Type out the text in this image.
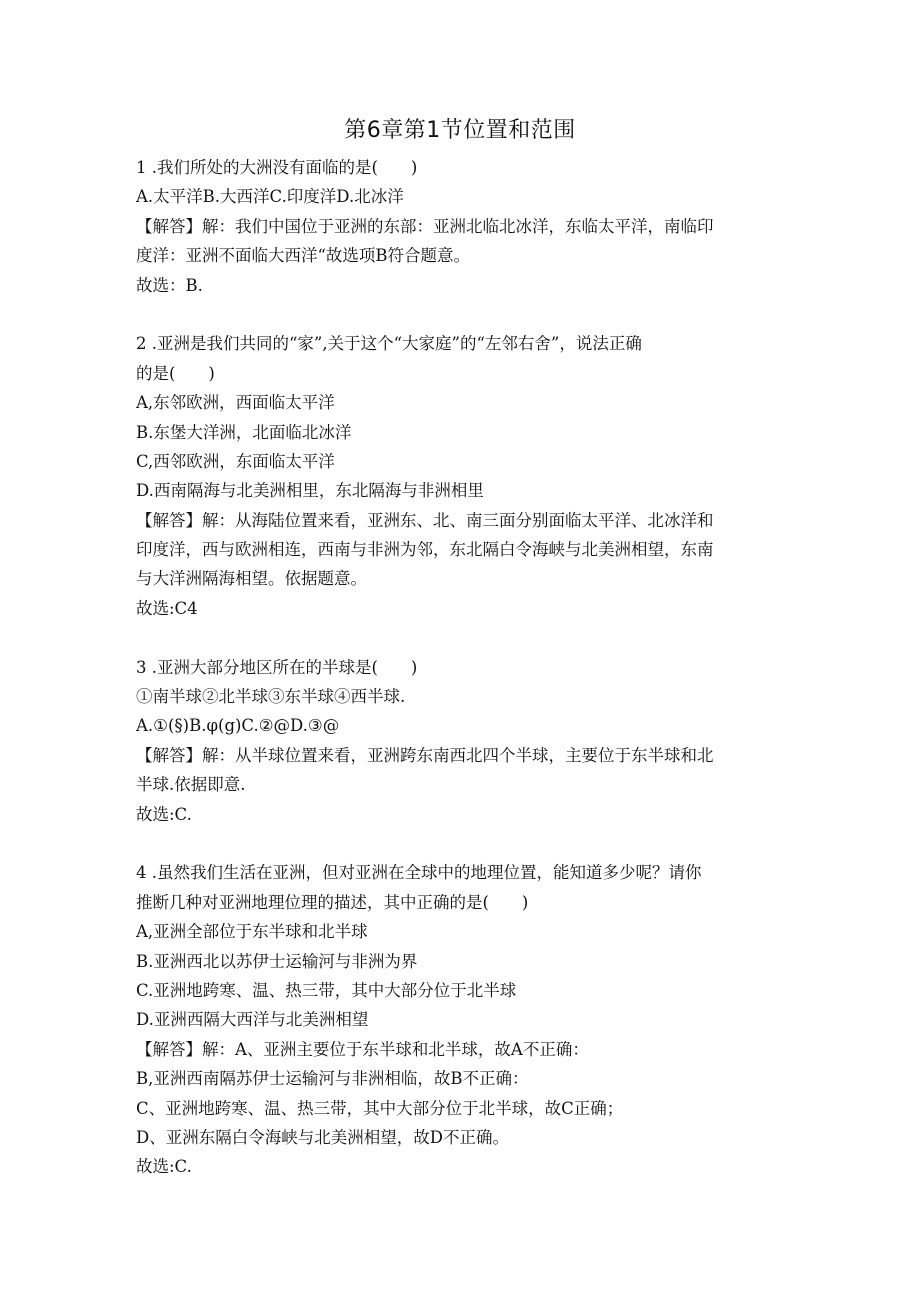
第6章第1节位置和范围
1 .我们所处的大洲没有面临的是(　　)
A.太平洋B.大西洋C.印度洋D.北冰洋
【解答】解：我们中国位于亚洲的东部：亚洲北临北冰洋，东临太平洋，南临印
度洋：亚洲不面临大西洋“故选项B符合题意。
故选：B.
2 .亚洲是我们共同的“家”,关于这个“大家庭”的“左邻右舍”，说法正确
的是(　　)
A,东邻欧洲，西面临太平洋
B.东堡大洋洲，北面临北冰洋
C,西邻欧洲，东面临太平洋
D.西南隔海与北美洲相里，东北隔海与非洲相里
【解答】解：从海陆位置来看，亚洲东、北、南三面分别面临太平洋、北冰洋和
印度洋，西与欧洲相连，西南与非洲为邻，东北隔白令海峡与北美洲相望，东南
与大洋洲隔海相望。依据题意。
故选:C4
3 .亚洲大部分地区所在的半球是(　　)
①南半球②北半球③东半球④西半球.
A.①(§)B.φ(g)C.②@D.③@
【解答】解：从半球位置来看，亚洲跨东南西北四个半球，主要位于东半球和北
半球.依据即意.
故选:C.
4 .虽然我们生活在亚洲，但对亚洲在全球中的地理位置，能知道多少呢？请你
推断几种对亚洲地理位理的描述，其中正确的是(　　)
A,亚洲全部位于东半球和北半球
B.亚洲西北以苏伊士运输河与非洲为界
C.亚洲地跨寒、温、热三带，其中大部分位于北半球
D.亚洲西隔大西洋与北美洲相望
【解答】解：A、亚洲主要位于东半球和北半球，故A不正确：
B,亚洲西南隔苏伊士运输河与非洲相临，故B不正确：
C、亚洲地跨寒、温、热三带，其中大部分位于北半球，故C正确；
D、亚洲东隔白令海峡与北美洲相望，故D不正确。
故选:C.
